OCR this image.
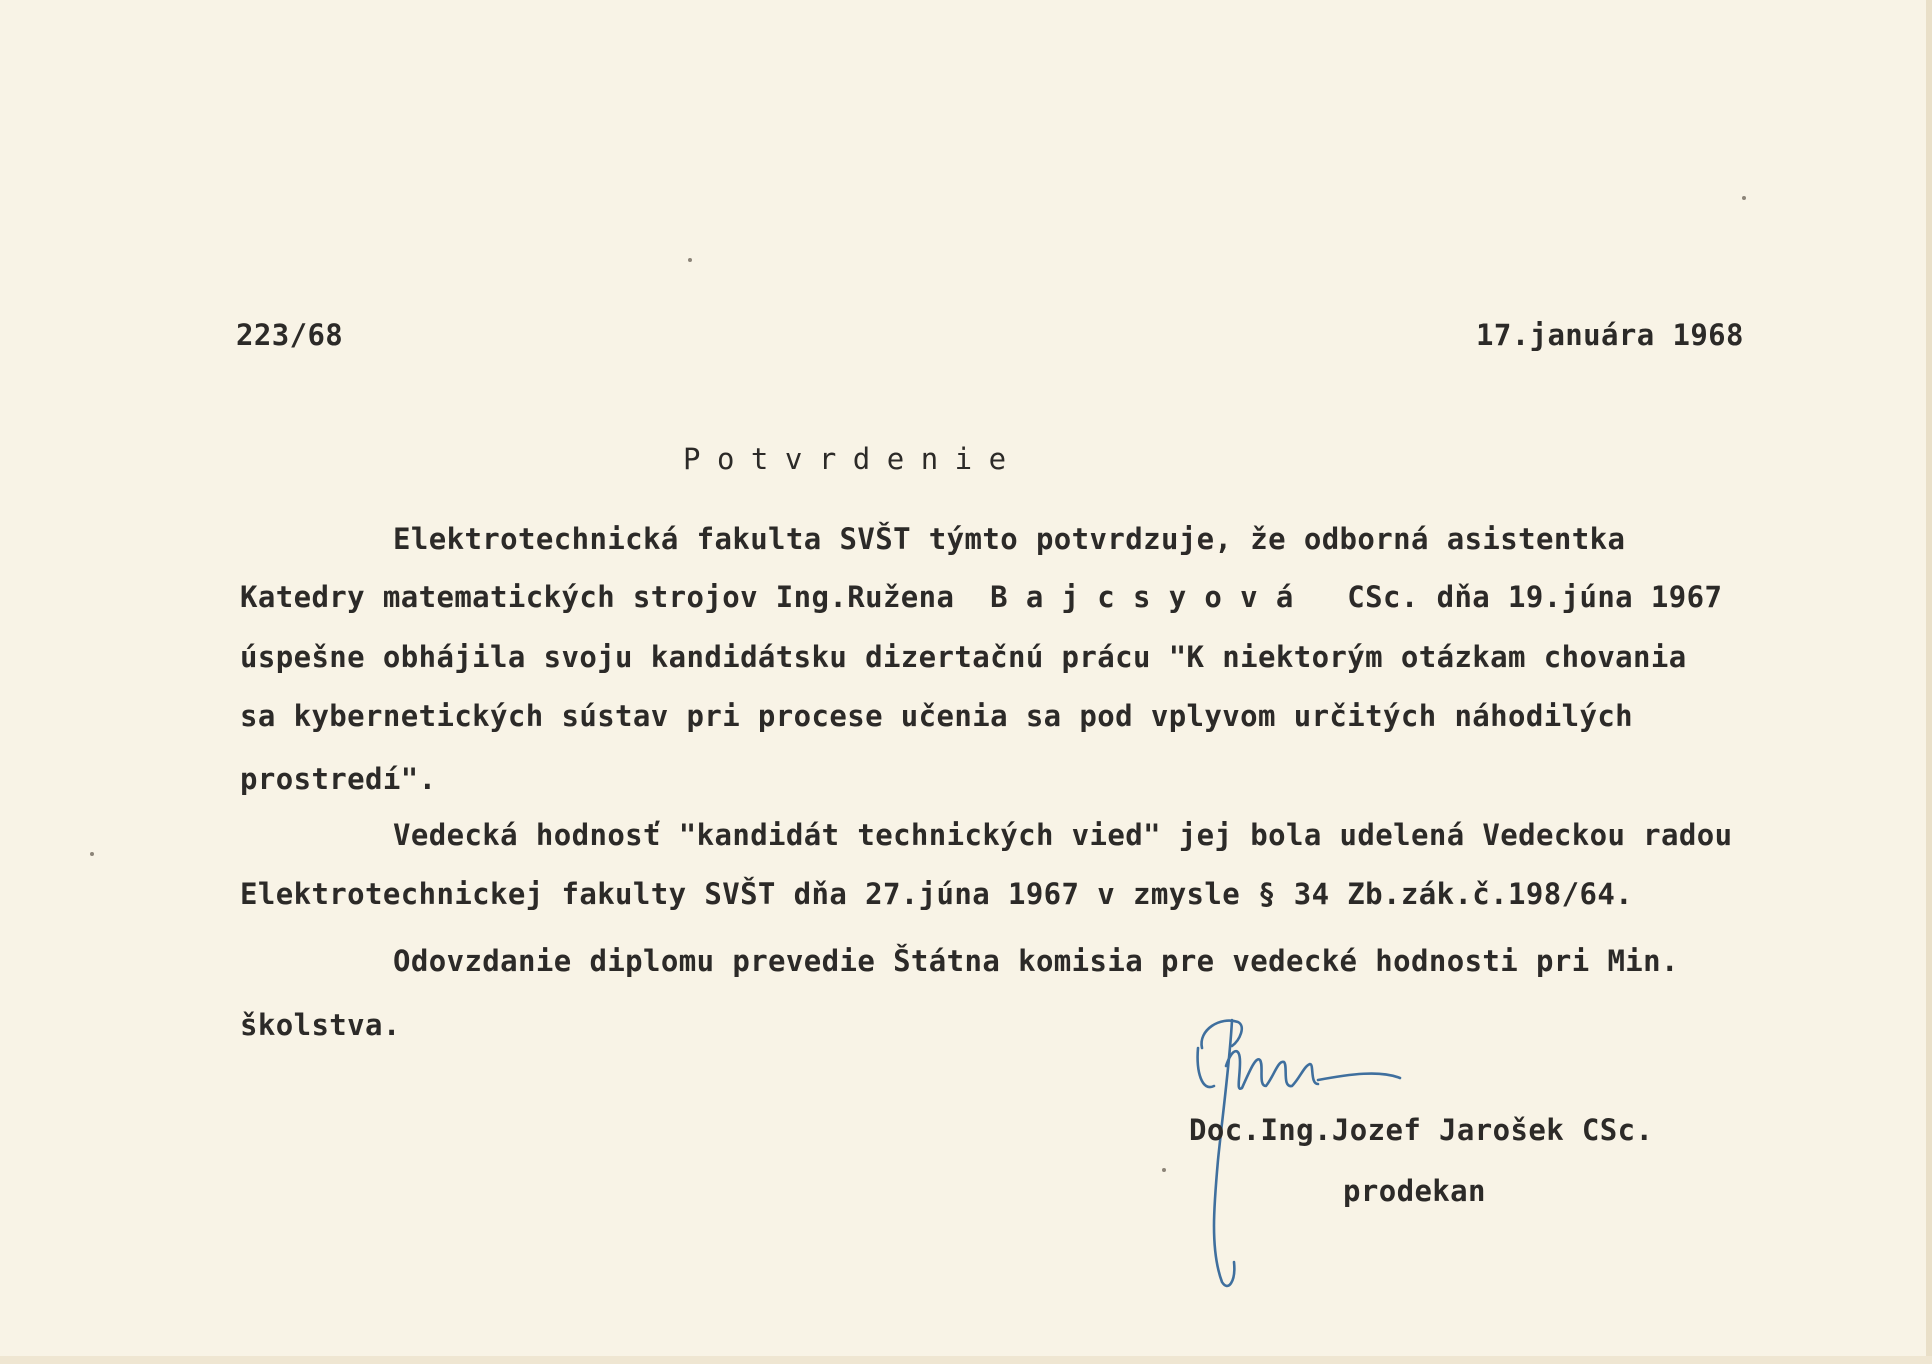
223/68	17.januára 1968
Potvrdenie
Elektrotechnická fakulta SVŠT týmto potvrdzuje, že odborná asistentka
Katedry matematických strojov Ing.Ružena  B a j c s y o v á   CSc. dňa 19.júna 1967
úspešne obhájila svoju kandidátsku dizertačnú prácu "K niektorým otázkam chovania
sa kybernetických sústav pri procese učenia sa pod vplyvom určitých náhodilých
prostredí".
Vedecká hodnosť "kandidát technických vied" jej bola udelená Vedeckou radou
Elektrotechnickej fakulty SVŠT dňa 27.júna 1967 v zmysle § 34 Zb.zák.č.198/64.
Odovzdanie diplomu prevedie Štátna komisia pre vedecké hodnosti pri Min.
školstva.
Doc.Ing.Jozef Jarošek CSc.
prodekan
